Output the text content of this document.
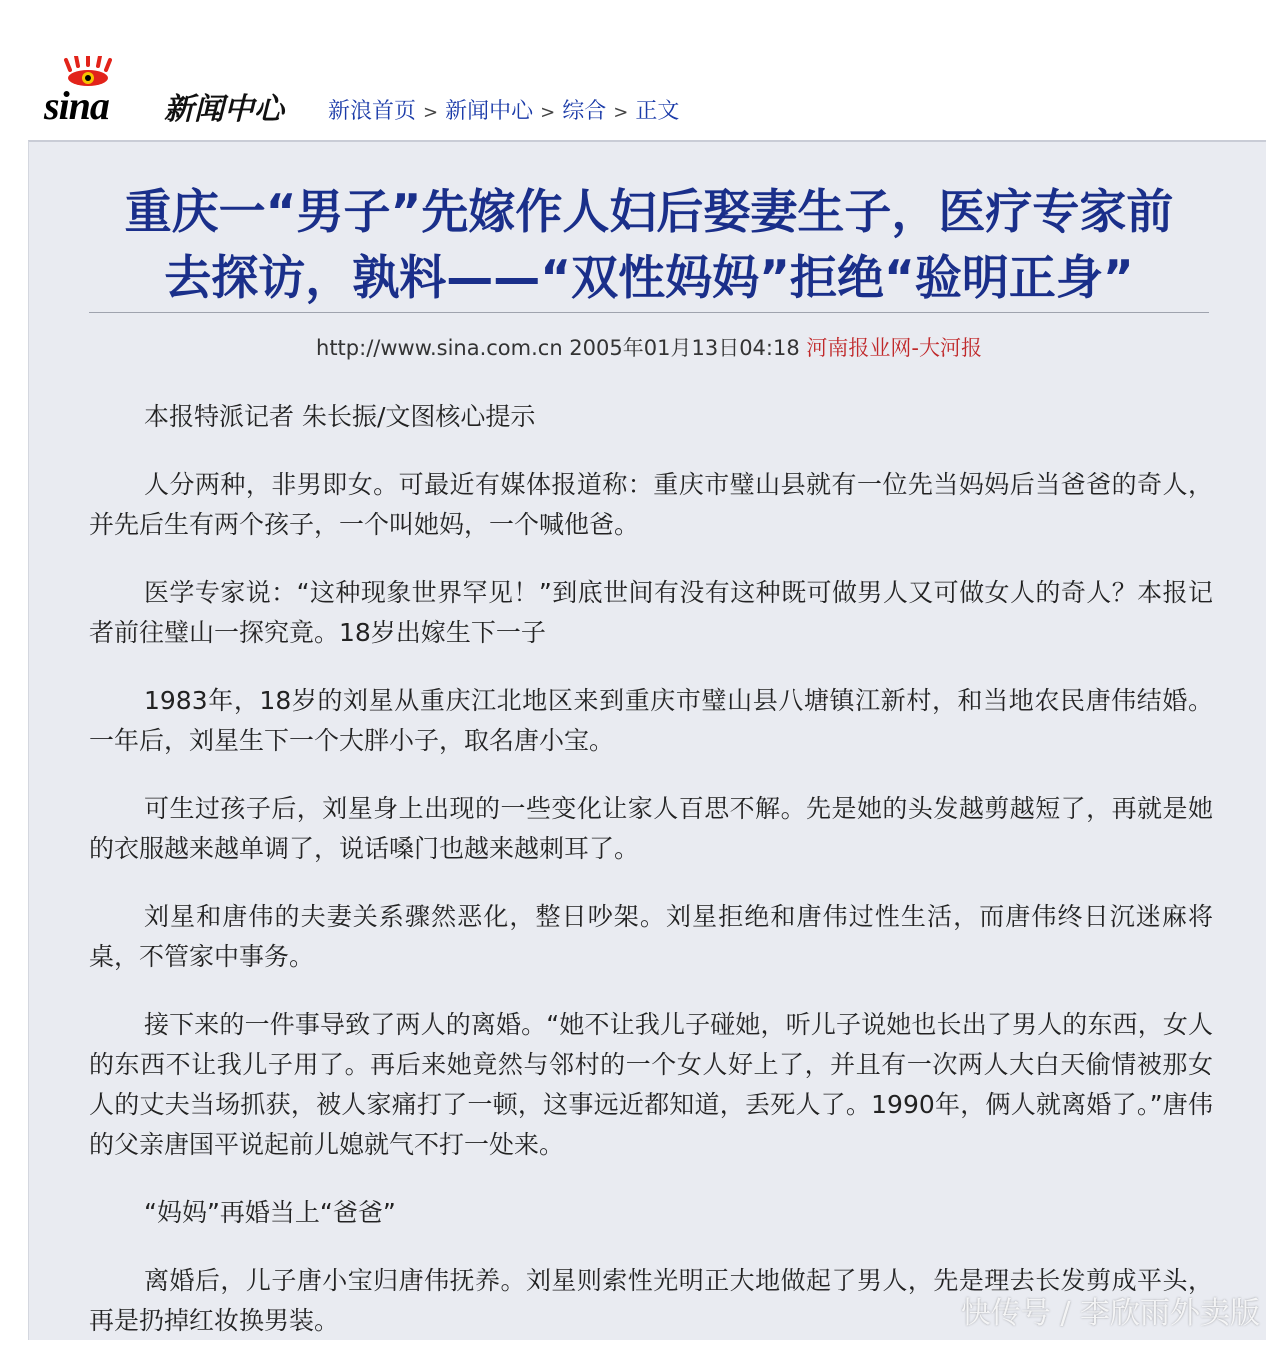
sina 新闻中心 新浪首页 > 新闻中心 > 综合 > 正文
重庆一“男子”先嫁作人妇后娶妻生子，医疗专家前
去探访，孰料——“双性妈妈”拒绝“验明正身”
http://www.sina.com.cn 2005年01月13日04:18 河南报业网-大河报

本报特派记者 朱长振/文图核心提示

人分两种，非男即女。可最近有媒体报道称：重庆市璧山县就有一位先当妈妈后当爸爸的奇人，并先后生有两个孩子，一个叫她妈，一个喊他爸。

医学专家说：“这种现象世界罕见！”到底世间有没有这种既可做男人又可做女人的奇人？本报记者前往璧山一探究竟。18岁出嫁生下一子

1983年，18岁的刘星从重庆江北地区来到重庆市璧山县八塘镇江新村，和当地农民唐伟结婚。一年后，刘星生下一个大胖小子，取名唐小宝。

可生过孩子后，刘星身上出现的一些变化让家人百思不解。先是她的头发越剪越短了，再就是她的衣服越来越单调了，说话嗓门也越来越刺耳了。

刘星和唐伟的夫妻关系骤然恶化，整日吵架。刘星拒绝和唐伟过性生活，而唐伟终日沉迷麻将桌，不管家中事务。

接下来的一件事导致了两人的离婚。“她不让我儿子碰她，听儿子说她也长出了男人的东西，女人的东西不让我儿子用了。再后来她竟然与邻村的一个女人好上了，并且有一次两人大白天偷情被那女人的丈夫当场抓获，被人家痛打了一顿，这事远近都知道，丢死人了。1990年，俩人就离婚了。”唐伟的父亲唐国平说起前儿媳就气不打一处来。

“妈妈”再婚当上“爸爸”

离婚后，儿子唐小宝归唐伟抚养。刘星则索性光明正大地做起了男人，先是理去长发剪成平头，再是扔掉红妆换男装。	快传号 / 李欣雨外卖版
